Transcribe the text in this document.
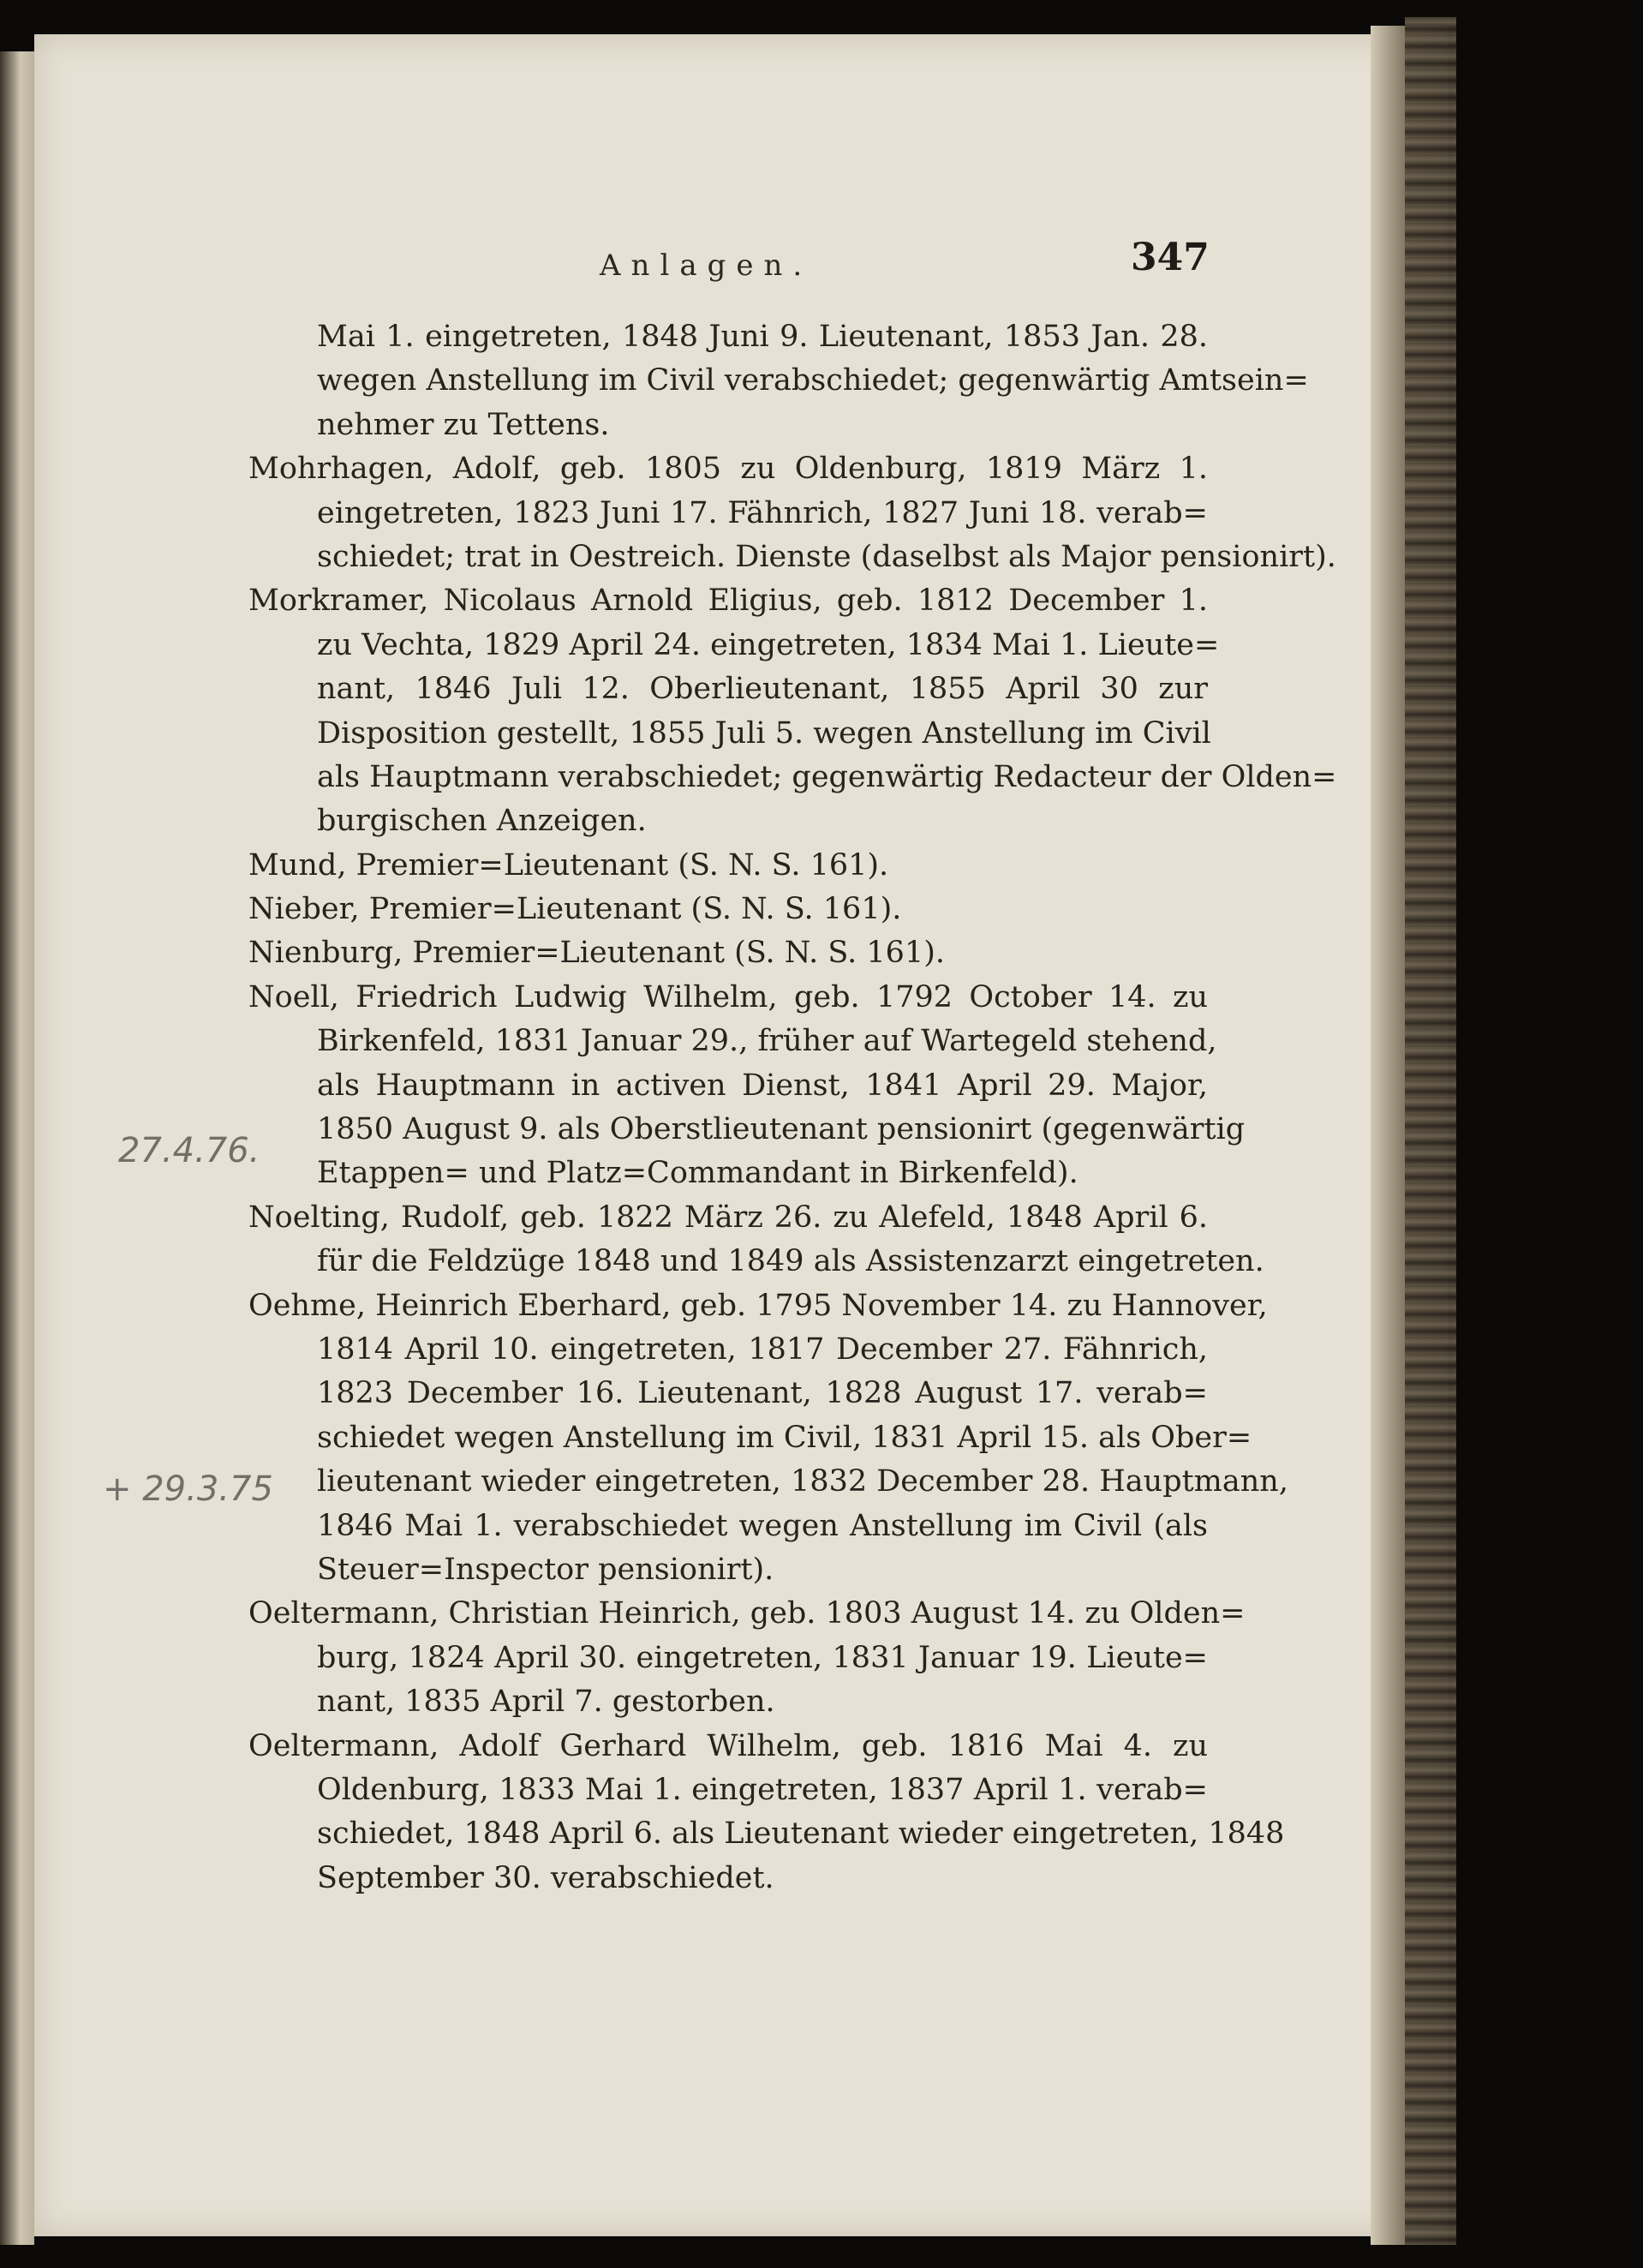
Anlagen.	347
Mai 1. eingetreten, 1848 Juni 9. Lieutenant, 1853 Jan. 28.
wegen Anstellung im Civil verabschiedet; gegenwärtig Amtsein=
nehmer zu Tettens.
Mohrhagen, Adolf, geb. 1805 zu Oldenburg, 1819 März 1.
eingetreten, 1823 Juni 17. Fähnrich, 1827 Juni 18. verab=
schiedet; trat in Oestreich. Dienste (daselbst als Major pensionirt).
Morkramer, Nicolaus Arnold Eligius, geb. 1812 December 1.
zu Vechta, 1829 April 24. eingetreten, 1834 Mai 1. Lieute=
nant, 1846 Juli 12. Oberlieutenant, 1855 April 30 zur
Disposition gestellt, 1855 Juli 5. wegen Anstellung im Civil
als Hauptmann verabschiedet; gegenwärtig Redacteur der Olden=
burgischen Anzeigen.
Mund, Premier=Lieutenant (S. N. S. 161).
Nieber, Premier=Lieutenant (S. N. S. 161).
Nienburg, Premier=Lieutenant (S. N. S. 161).
Noell, Friedrich Ludwig Wilhelm, geb. 1792 October 14. zu
Birkenfeld, 1831 Januar 29., früher auf Wartegeld stehend,
als Hauptmann in activen Dienst, 1841 April 29. Major,
1850 August 9. als Oberstlieutenant pensionirt (gegenwärtig
Etappen= und Platz=Commandant in Birkenfeld).
Noelting, Rudolf, geb. 1822 März 26. zu Alefeld, 1848 April 6.
für die Feldzüge 1848 und 1849 als Assistenzarzt eingetreten.
Oehme, Heinrich Eberhard, geb. 1795 November 14. zu Hannover,
1814 April 10. eingetreten, 1817 December 27. Fähnrich,
1823 December 16. Lieutenant, 1828 August 17. verab=
schiedet wegen Anstellung im Civil, 1831 April 15. als Ober=
lieutenant wieder eingetreten, 1832 December 28. Hauptmann,
1846 Mai 1. verabschiedet wegen Anstellung im Civil (als
Steuer=Inspector pensionirt).
Oeltermann, Christian Heinrich, geb. 1803 August 14. zu Olden=
burg, 1824 April 30. eingetreten, 1831 Januar 19. Lieute=
nant, 1835 April 7. gestorben.
Oeltermann, Adolf Gerhard Wilhelm, geb. 1816 Mai 4. zu
Oldenburg, 1833 Mai 1. eingetreten, 1837 April 1. verab=
schiedet, 1848 April 6. als Lieutenant wieder eingetreten, 1848
September 30. verabschiedet.
27.4.76.
+ 29.3.75
